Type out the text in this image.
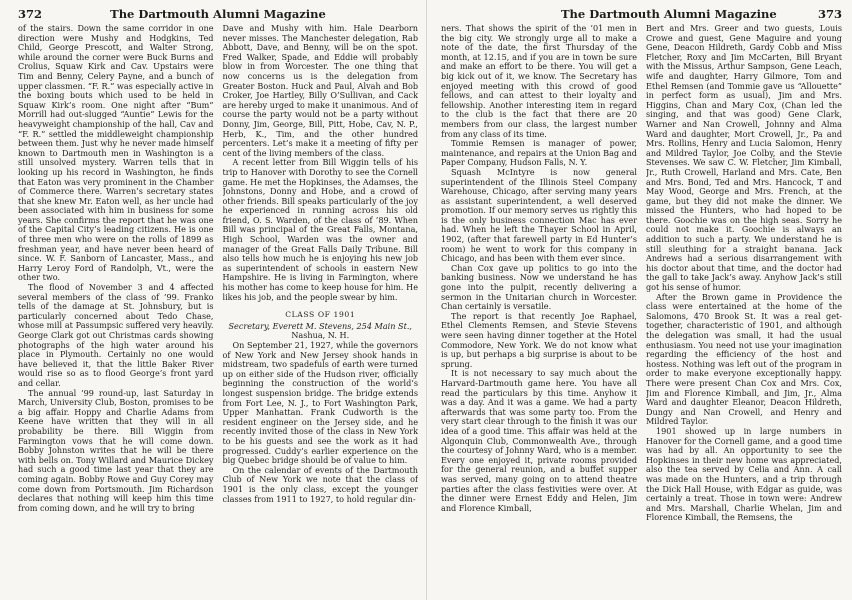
372	The Dartmouth Alumni Magazine

of the stairs. Down the same corridor in one direction were Mushy and Hodgkins, Ted Child, George Prescott, and Walter Strong, while around the corner were Buck Burns and Crolius, Squaw Kirk and Cav. Upstairs were Tim and Benny, Celery Payne, and a bunch of upper classmen. “F. R.” was especially active in the boxing bouts which used to be held in Squaw Kirk’s room. One night after “Bum” Morrill had out-slugged “Auntie” Lewis for the heavyweight championship of the hall, Cav and “F. R.” settled the middleweight championship between them. Just why he never made himself known to Dartmouth men in Washington is a still unsolved mystery. Warren tells that in looking up his record in Washington, he finds that Eaton was very prominent in the Chamber of Commerce there. Warren’s secretary states that she knew Mr. Eaton well, as her uncle had been associated with him in business for some years. She confirms the report that he was one of the Capital City’s leading citizens. He is one of three men who were on the rolls of 1899 as freshman year, and have never been heard of since. W. F. Sanborn of Lancaster, Mass., and Harry Leroy Ford of Randolph, Vt., were the other two.

The flood of November 3 and 4 affected several members of the class of ’99. Franko tells of the damage at St. Johnsbury, but is particularly concerned about Tedo Chase, whose mill at Passumpsic suffered very heavily. George Clark got out Christmas cards showing photographs of the high water around his place in Plymouth. Certainly no one would have believed it, that the little Baker River would rise so as to flood George’s front yard and cellar.

The annual ’99 round-up, last Saturday in March, University Club, Boston, promises to be a big affair. Hoppy and Charlie Adams from Keene have written that they will in all probability be there. Bill Wiggin from Farmington vows that he will come down. Bobby Johnston writes that he will be there with bells on. Tony Willard and Maurice Dickey had such a good time last year that they are coming again. Bobby Rowe and Guy Corey may come down from Portsmouth. Jim Richardson declares that nothing will keep him this time from coming down, and he will try to bring

Dave and Mushy with him. Hale Dearborn never misses. The Manchester delegation, Rab Abbott, Dave, and Benny, will be on the spot. Fred Walker, Spade, and Eddie will probably blow in from Worcester. The one thing that now concerns us is the delegation from Greater Boston. Huck and Paul, Alvah and Bob Croker, Joe Hartley, Billy O’Sullivan, and Cack are hereby urged to make it unanimous. And of course the party would not be a party without Donny, Jim, George, Bill, Pitt, Hobe, Cav, N. P., Herb, K., Tim, and the other hundred percenters. Let’s make it a meeting of fifty per cent of the living members of the class.

A recent letter from Bill Wiggin tells of his trip to Hanover with Dorothy to see the Cornell game. He met the Hopkinses, the Adamses, the Johnstons, Donny and Hobe, and a crowd of other friends. Bill speaks particularly of the joy he experienced in running across his old friend, O. S. Warden, of the class of ’89. When Bill was principal of the Great Falls, Montana, High School, Warden was the owner and manager of the Great Falls Daily Tribune. Bill also tells how much he is enjoying his new job as superintendent of schools in eastern New Hampshire. He is living in Farmington, where his mother has come to keep house for him. He likes his job, and the people swear by him.

CLASS OF 1901

Secretary, Everett M. Stevens, 254 Main St.,

Nashua, N. H.

On September 21, 1927, while the governors of New York and New Jersey shook hands in midstream, two spadefuls of earth were turned up on either side of the Hudson river, officially beginning the construction of the world’s longest suspension bridge. The bridge extends from Fort Lee, N. J., to Fort Washington Park, Upper Manhattan. Frank Cudworth is the resident engineer on the Jersey side, and he recently invited those of the class in New York to be his guests and see the work as it had progressed. Cuddy’s earlier experience on the big Quebec bridge should be of value to him.

On the calendar of events of the Dartmouth Club of New York we note that the class of 1901 is the only class, except the younger classes from 1911 to 1927, to hold regular din-

The Dartmouth Alumni Magazine	373

ners. That shows the spirit of the ’01 men in the big city. We strongly urge all to make a note of the date, the first Thursday of the month, at 12.15, and if you are in town be sure and make an effort to be there. You will get a big kick out of it, we know. The Secretary has enjoyed meeting with this crowd of good fellows, and can attest to their loyalty and fellowship. Another interesting item in regard to the club is the fact that there are 20 members from our class, the largest number from any class of its time.

Tommie Remsen is manager of power, maintenance, and repairs at the Union Bag and Paper Company, Hudson Falls, N. Y.

Squash McIntyre is now general superintendent of the Illinois Steel Company Warehouse, Chicago, after serving many years as assistant superintendent, a well deserved promotion. If our memory serves us rightly this is the only business connection Mac has ever had. When he left the Thayer School in April, 1902, (after that farewell party in Ed Hunter’s room) he went to work for this company in Chicago, and has been with them ever since.

Chan Cox gave up politics to go into the banking business. Now we understand he has gone into the pulpit, recently delivering a sermon in the Unitarian church in Worcester. Chan certainly is versatile.

The report is that recently Joe Raphael, Ethel Clements Remsen, and Stevie Stevens were seen having dinner together at the Hotel Commodore, New York. We do not know what is up, but perhaps a big surprise is about to be sprung.

It is not necessary to say much about the Harvard-Dartmouth game here. You have all read the particulars by this time. Anyhow it was a day. And it was a game. We had a party afterwards that was some party too. From the very start clear through to the finish it was our idea of a good time. This affair was held at the Algonquin Club, Commonwealth Ave., through the courtesy of Johnny Ward, who is a member. Every one enjoyed it, private rooms provided for the general reunion, and a buffet supper was served, many going on to attend theatre parties after the class festivities were over. At the dinner were Ernest Eddy and Helen, Jim and Florence Kimball,

Bert and Mrs. Greer and two guests, Louis Crowe and guest, Gene Maguire and young Gene, Deacon Hildreth, Gardy Cobb and Miss Fletcher, Roxy and Jim McCarten, Bill Bryant with the Missus, Arthur Sampson, Gene Leach, wife and daughter, Harry Gilmore, Tom and Ethel Remsen (and Tommie gave us “Allouette” in perfect form as usual), Jim and Mrs. Higgins, Chan and Mary Cox, (Chan led the singing, and that was good) Gene Clark, Warner and Nan Crowell, Johnny and Alma Ward and daughter, Mort Crowell, Jr., Pa and Mrs. Rollins, Henry and Lucia Salomon, Henry and Mildred Taylor, Joe Colby, and the Stevie Stevenses. We saw C. W. Fletcher, Jim Kimball, Jr., Ruth Crowell, Harland and Mrs. Cate, Ben and Mrs. Bond, Ted and Mrs. Hancock, T and May Wood, George and Mrs. French, at the game, but they did not make the dinner. We missed the Hunters, who had hoped to be there. Goochie was on the high seas. Sorry he could not make it. Goochie is always an addition to such a party. We understand he is still sleuthing for a straight banana. Jack Andrews had a serious disarrangement with his doctor about that time, and the doctor had the gall to take Jack’s away. Anyhow Jack’s still got his sense of humor.

After the Brown game in Providence the class were entertained at the home of the Salomons, 470 Brook St. It was a real get-together, characteristic of 1901, and although the delegation was small, it had the usual enthusiasm. You need not use your imagination regarding the efficiency of the host and hostess. Nothing was left out of the program in order to make everyone exceptionally happy. There were present Chan Cox and Mrs. Cox, Jim and Florence Kimball, and Jim, Jr., Alma Ward and daughter Eleanor, Deacon Hildreth, Dungy and Nan Crowell, and Henry and Mildred Taylor.

1901 showed up in large numbers in Hanover for the Cornell game, and a good time was had by all. An opportunity to see the Hopkinses in their new home was appreciated, also the tea served by Celia and Ann. A call was made on the Hunters, and a trip through the Dick Hall House, with Edgar as guide, was certainly a treat. Those in town were: Andrew and Mrs. Marshall, Charlie Whelan, Jim and Florence Kimball, the Remsens, the
